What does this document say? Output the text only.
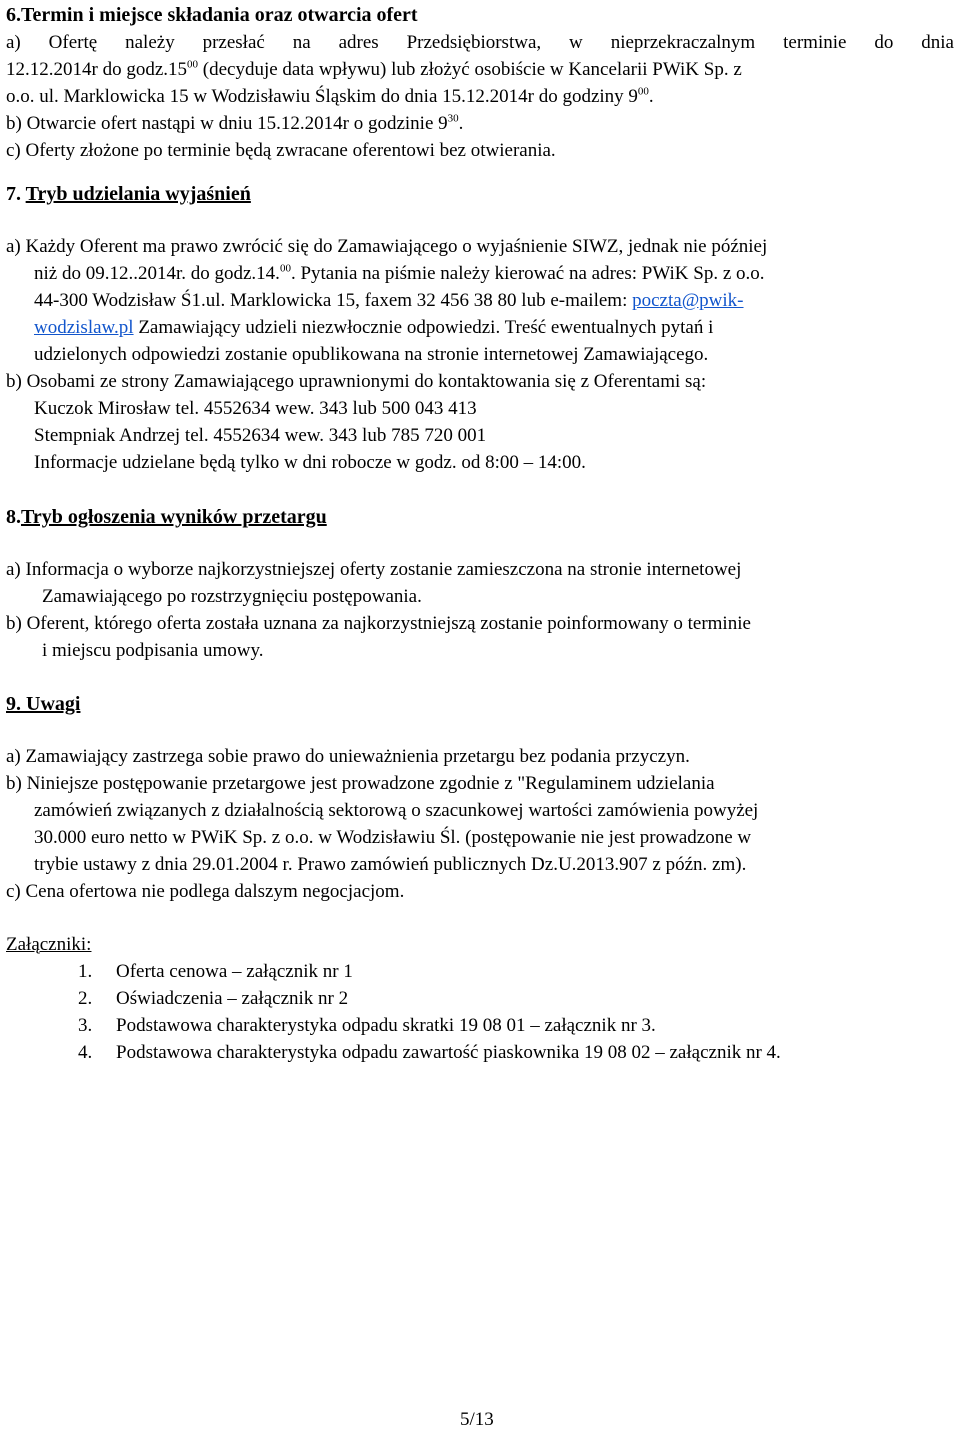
6.Termin i miejsce składania oraz otwarcia ofert
a) Ofertę należy przesłać na adres Przedsiębiorstwa, w nieprzekraczalnym terminie do dnia
12.12.2014r do $godz.15^{00}$ (decyduje data wpływu) lub złożyć osobiście w Kancelarii PWiK Sp. z
o.o. ul. Marklowicka 15 w Wodzisławiu Śląskim do dnia 15.12.2014r do godziny $9^{00}$.
b) Otwarcie ofert nastąpi w dniu 15.12.2014r o godzinie $9^{30}$.
c) Oferty złożone po terminie będą zwracane oferentowi bez otwierania.
7. Tryb udzielania wyjaśnień
a) Każdy Oferent ma prawo zwrócić się do Zamawiającego o wyjaśnienie SIWZ, jednak nie później
niż do 09.12..2014r. do godz.14.00. Pytania na piśmie należy kierować na adres: PWiK Sp. z o.o.
44-300 Wodzisław Ś1.ul. Marklowicka 15, faxem 32 456 38 80 lub e-mailem: poczta@pwik-
wodzislaw.pl Zamawiający udzieli niezwłocznie odpowiedzi. Treść ewentualnych pytań i
udzielonych odpowiedzi zostanie opublikowana na stronie internetowej Zamawiającego.
b) Osobami ze strony Zamawiającego uprawnionymi do kontaktowania się z Oferentami są:
Kuczok Mirosław tel. 4552634 wew. 343 lub 500 043 413
Stempniak Andrzej tel. 4552634 wew. 343 lub 785 720 001
Informacje udzielane będą tylko w dni robocze w godz. od 8:00 – 14:00.
8.Tryb ogłoszenia wyników przetargu
a) Informacja o wyborze najkorzystniejszej oferty zostanie zamieszczona na stronie internetowej
Zamawiającego po rozstrzygnięciu postępowania.
b) Oferent, którego oferta została uznana za najkorzystniejszą zostanie poinformowany o terminie
i miejscu podpisania umowy.
9. Uwagi
a) Zamawiający zastrzega sobie prawo do unieważnienia przetargu bez podania przyczyn.
b) Niniejsze postępowanie przetargowe jest prowadzone zgodnie z "Regulaminem udzielania
zamówień związanych z działalnością sektorową o szacunkowej wartości zamówienia powyżej
30.000 euro netto w PWiK Sp. z o.o. w Wodzisławiu Śl. (postępowanie nie jest prowadzone w
trybie ustawy z dnia 29.01.2004 r. Prawo zamówień publicznych Dz.U.2013.907 z późn. zm).
c) Cena ofertowa nie podlega dalszym negocjacjom.
Załączniki:
1. Oferta cenowa – załącznik nr 1
2. Oświadczenia – załącznik nr 2
3. Podstawowa charakterystyka odpadu skratki 19 08 01 – załącznik nr 3.
4. Podstawowa charakterystyka odpadu zawartość piaskownika 19 08 02 – załącznik nr 4.
5/13
